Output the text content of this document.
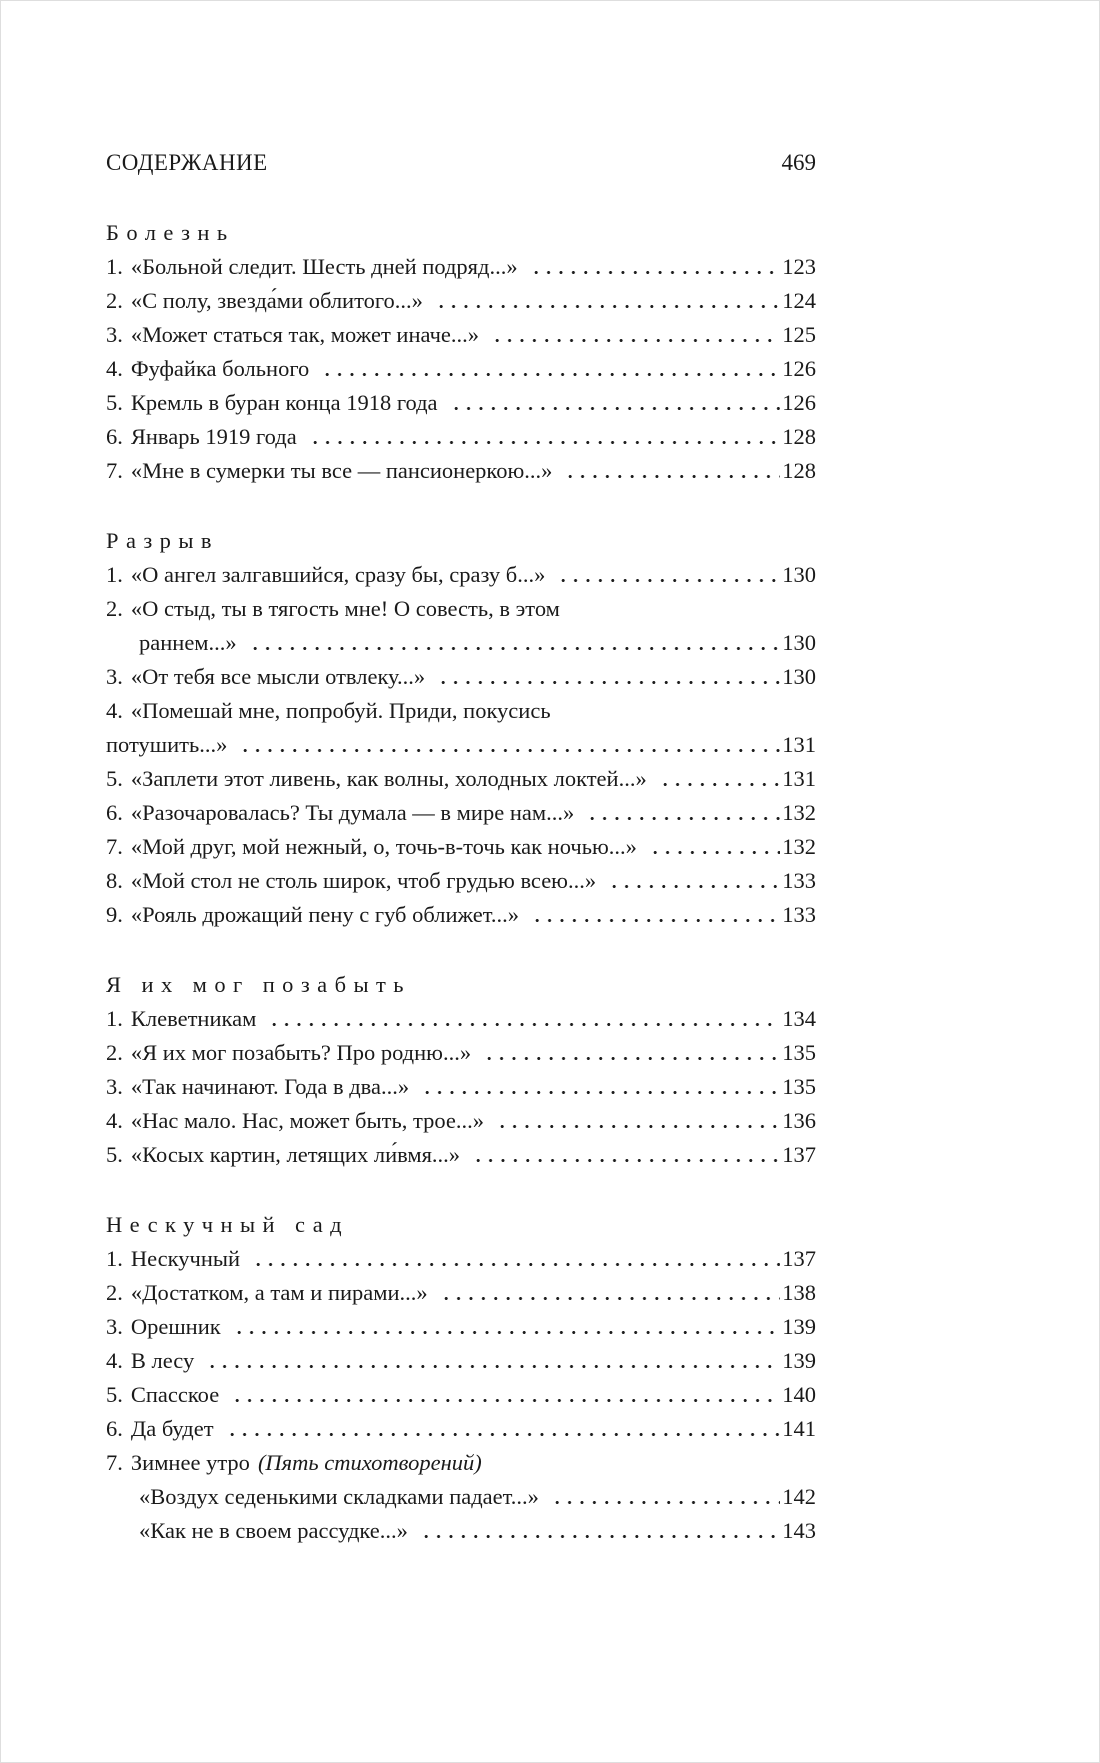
СОДЕРЖАНИЕ	469
Болезнь
1. «Больной следит. Шесть дней подряд...»	123
2. «С полу, звезда́ми облитого...»	124
3. «Может статься так, может иначе...»	125
4. Фуфайка больного	126
5. Кремль в буран конца 1918 года	126
6. Январь 1919 года	128
7. «Мне в сумерки ты все — пансионеркою...»	128
Разрыв
1. «О ангел залгавшийся, сразу бы, сразу б...»	130
2. «О стыд, ты в тягость мне! О совесть, в этом
раннем...»	130
3. «От тебя все мысли отвлеку...»	130
4. «Помешай мне, попробуй. Приди, покусись
потушить...»	131
5. «Заплети этот ливень, как волны, холодных локтей...»	131
6. «Разочаровалась? Ты думала — в мире нам...»	132
7. «Мой друг, мой нежный, о, точь-в-точь как ночью...»	132
8. «Мой стол не столь широк, чтоб грудью всею...»	133
9. «Рояль дрожащий пену с губ оближет...»	133
Я их мог позабыть
1. Клеветникам	134
2. «Я их мог позабыть? Про родню...»	135
3. «Так начинают. Года в два...»	135
4. «Нас мало. Нас, может быть, трое...»	136
5. «Косых картин, летящих ли́вмя...»	137
Нескучный сад
1. Нескучный	137
2. «Достатком, а там и пирами...»	138
3. Орешник	139
4. В лесу	139
5. Спасское	140
6. Да будет	141
7. Зимнее утро (Пять стихотворений)
«Воздух седенькими складками падает...»	142
«Как не в своем рассудке...»	143
